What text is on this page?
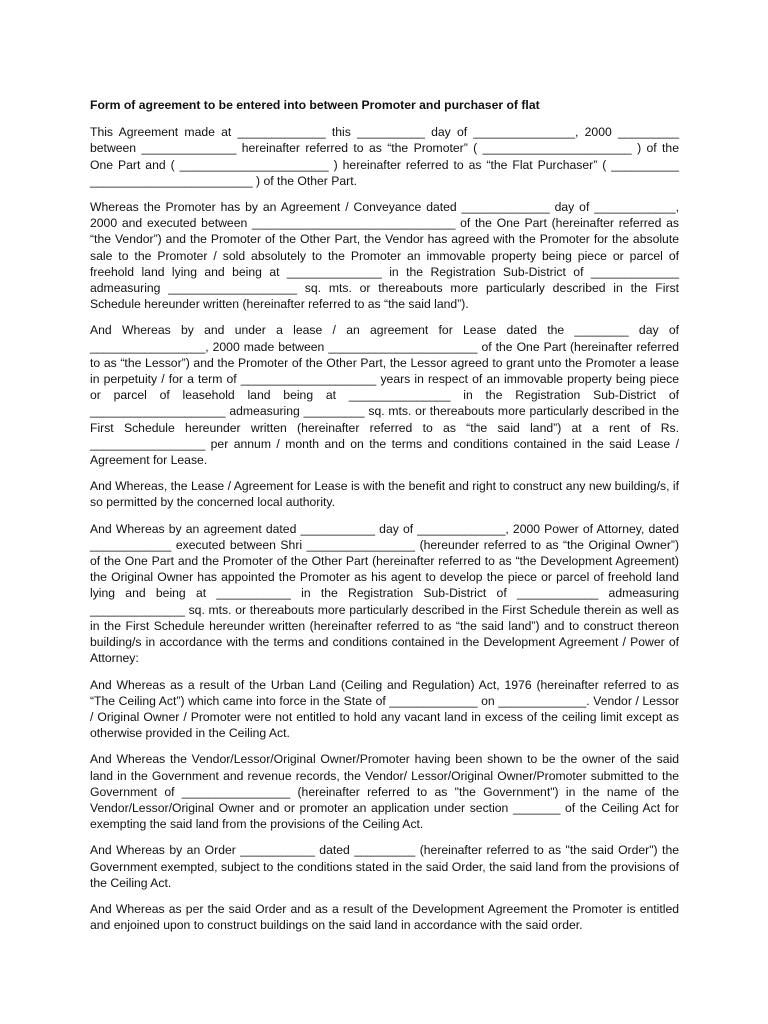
Form of agreement to be entered into between Promoter and purchaser of flat

This Agreement made at _____________ this __________ day of _______________, 2000 _________ between ______________ hereinafter referred to as “the Promoter” ( ______________________ ) of the One Part and ( ______________________ ) hereinafter referred to as “the Flat Purchaser” ( __________ ________________________ ) of the Other Part.

Whereas the Promoter has by an Agreement / Conveyance dated _____________ day of ____________, 2000 and executed between ______________________________ of the One Part (hereinafter referred as “the Vendor”) and the Promoter of the Other Part, the Vendor has agreed with the Promoter for the absolute sale to the Promoter / sold absolutely to the Promoter an immovable property being piece or parcel of freehold land lying and being at ______________ in the Registration Sub-District of _____________ admeasuring ___________________ sq. mts. or thereabouts more particularly described in the First Schedule hereunder written (hereinafter referred to as “the said land”).

And Whereas by and under a lease / an agreement for Lease dated the ________ day of _________________, 2000 made between ______________________ of the One Part (hereinafter referred to as “the Lessor”) and the Promoter of the Other Part, the Lessor agreed to grant unto the Promoter a lease in perpetuity / for a term of ____________________ years in respect of an immovable property being piece or parcel of leasehold land being at _______________ in the Registration Sub-District of ____________________ admeasuring _________ sq. mts. or thereabouts more particularly described in the First Schedule hereunder written (hereinafter referred to as “the said land”) at a rent of Rs. _________________ per annum / month and on the terms and conditions contained in the said Lease / Agreement for Lease.

And Whereas, the Lease / Agreement for Lease is with the benefit and right to construct any new building/s, if so permitted by the concerned local authority.

And Whereas by an agreement dated ___________ day of _____________, 2000 Power of Attorney, dated ____________ executed between Shri ________________ (hereunder referred to as “the Original Owner”) of the One Part and the Promoter of the Other Part (hereinafter referred to as “the Development Agreement) the Original Owner has appointed the Promoter as his agent to develop the piece or parcel of freehold land lying and being at ___________ in the Registration Sub-District of ____________ admeasuring ______________ sq. mts. or thereabouts more particularly described in the First Schedule therein as well as in the First Schedule hereunder written (hereinafter referred to as “the said land”) and to construct thereon building/s in accordance with the terms and conditions contained in the Development Agreement / Power of Attorney:

And Whereas as a result of the Urban Land (Ceiling and Regulation) Act, 1976 (hereinafter referred to as “The Ceiling Act”) which came into force in the State of _____________ on _____________. Vendor / Lessor / Original Owner / Promoter were not entitled to hold any vacant land in excess of the ceiling limit except as otherwise provided in the Ceiling Act.

And Whereas the Vendor/Lessor/Original Owner/Promoter having been shown to be the owner of the said land in the Government and revenue records, the Vendor/ Lessor/Original Owner/Promoter submitted to the Government of ________________ (hereinafter referred to as "the Government") in the name of the Vendor/Lessor/Original Owner and or promoter an application under section _______ of the Ceiling Act for exempting the said land from the provisions of the Ceiling Act.

And Whereas by an Order ___________ dated _________ (hereinafter referred to as "the said Order") the Government exempted, subject to the conditions stated in the said Order, the said land from the provisions of the Ceiling Act.

And Whereas as per the said Order and as a result of the Development Agreement the Promoter is entitled and enjoined upon to construct buildings on the said land in accordance with the said order.
